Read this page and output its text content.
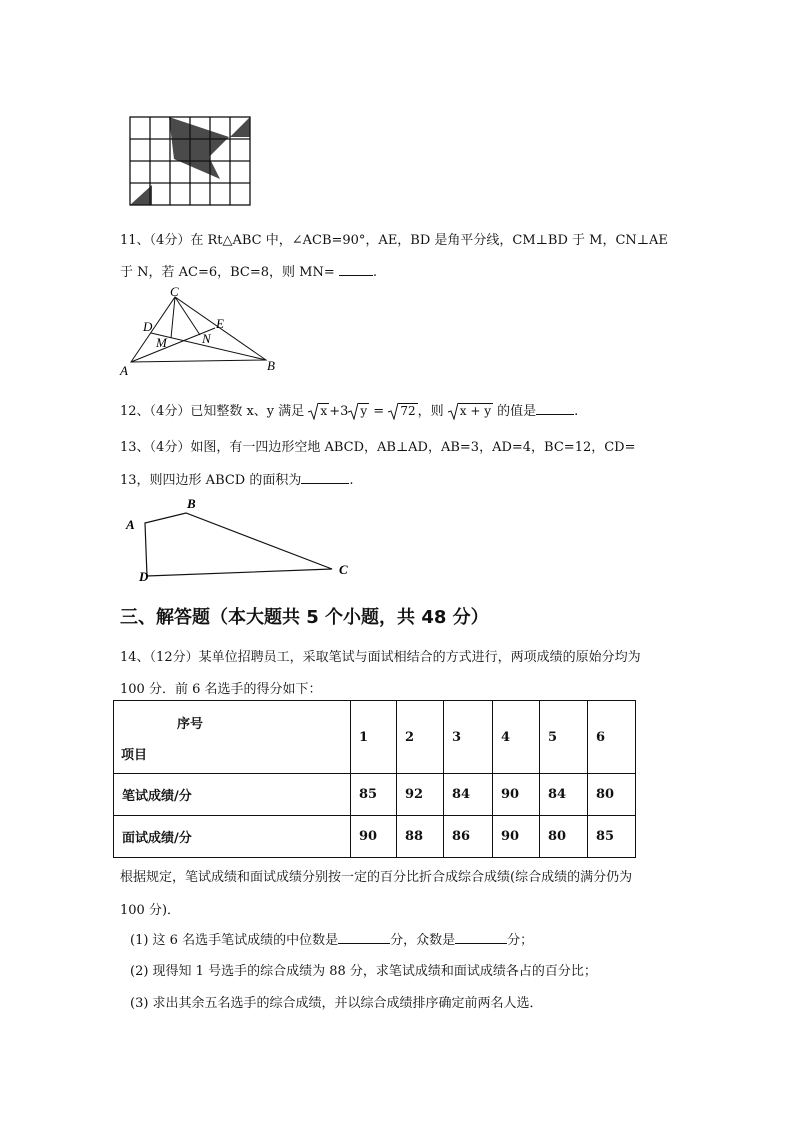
11、（4分）在 Rt△ABC 中，∠ACB=90°，AE，BD 是角平分线，CM⊥BD 于 M，CN⊥AE
于 N，若 AC=6，BC=8，则 MN=	.
C
D	E
M	N
A	B
12、（4分）已知整数 x、y 满足 x +3 y = 72 ，则 x + y 的值是	.
13、（4分）如图，有一四边形空地 ABCD，AB⊥AD，AB=3，AD=4，BC=12，CD=
13，则四边形 ABCD 的面积为	.
A
B
C
D
三、解答题（本大题共 5 个小题，共 48 分）
14、（12分）某单位招聘员工，采取笔试与面试相结合的方式进行，两项成绩的原始分均为
100 分．前 6 名选手的得分如下：
序号
项目	1	2	3	4	5	6
笔试成绩/分	85	92	84	90	84	80
面试成绩/分	90	88	86	90	80	85
根据规定，笔试成绩和面试成绩分别按一定的百分比折合成综合成绩(综合成绩的满分仍为
100 分)．
(1) 这 6 名选手笔试成绩的中位数是	分，众数是	分；
(2) 现得知 1 号选手的综合成绩为 88 分，求笔试成绩和面试成绩各占的百分比；
(3) 求出其余五名选手的综合成绩，并以综合成绩排序确定前两名人选．
